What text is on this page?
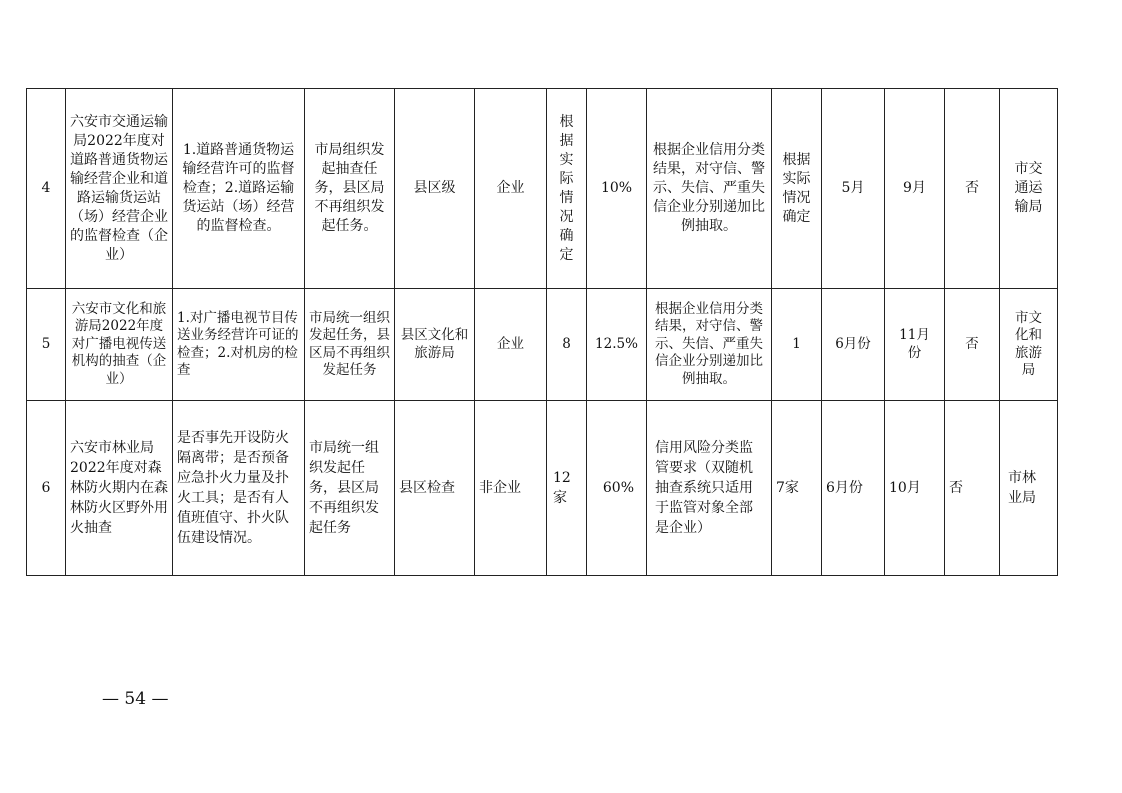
4	六安市交通运输局2022年度对道路普通货物运输经营企业和道路运输货运站（场）经营企业的监督检查（企业）	1.道路普通货物运输经营许可的监督检查；2.道路运输货运站（场）经营的监督检查。	市局组织发起抽查任务，县区局不再组织发起任务。	县区级	企业	根据实际情况确定	10%	根据企业信用分类结果，对守信、警示、失信、严重失信企业分别递加比例抽取。	根据实际情况确定	5月	9月	否	市交通运输局
5	六安市文化和旅游局2022年度对广播电视传送机构的抽查（企业）	1.对广播电视节目传送业务经营许可证的检查；2.对机房的检查	市局统一组织发起任务，县区局不再组织发起任务	县区文化和旅游局	企业	8	12.5%	根据企业信用分类结果，对守信、警示、失信、严重失信企业分别递加比例抽取。	1	6月份	11月份	否	市文化和旅游局
6	六安市林业局2022年度对森林防火期内在森林防火区野外用火抽查	是否事先开设防火隔离带；是否预备应急扑火力量及扑火工具；是否有人值班值守、扑火队伍建设情况。	市局统一组织发起任务，县区局不再组织发起任务	县区检查	非企业	12家	60%	信用风险分类监管要求（双随机抽查系统只适用于监管对象全部是企业）	7家	6月份	10月	否	市林业局
— 54 —
